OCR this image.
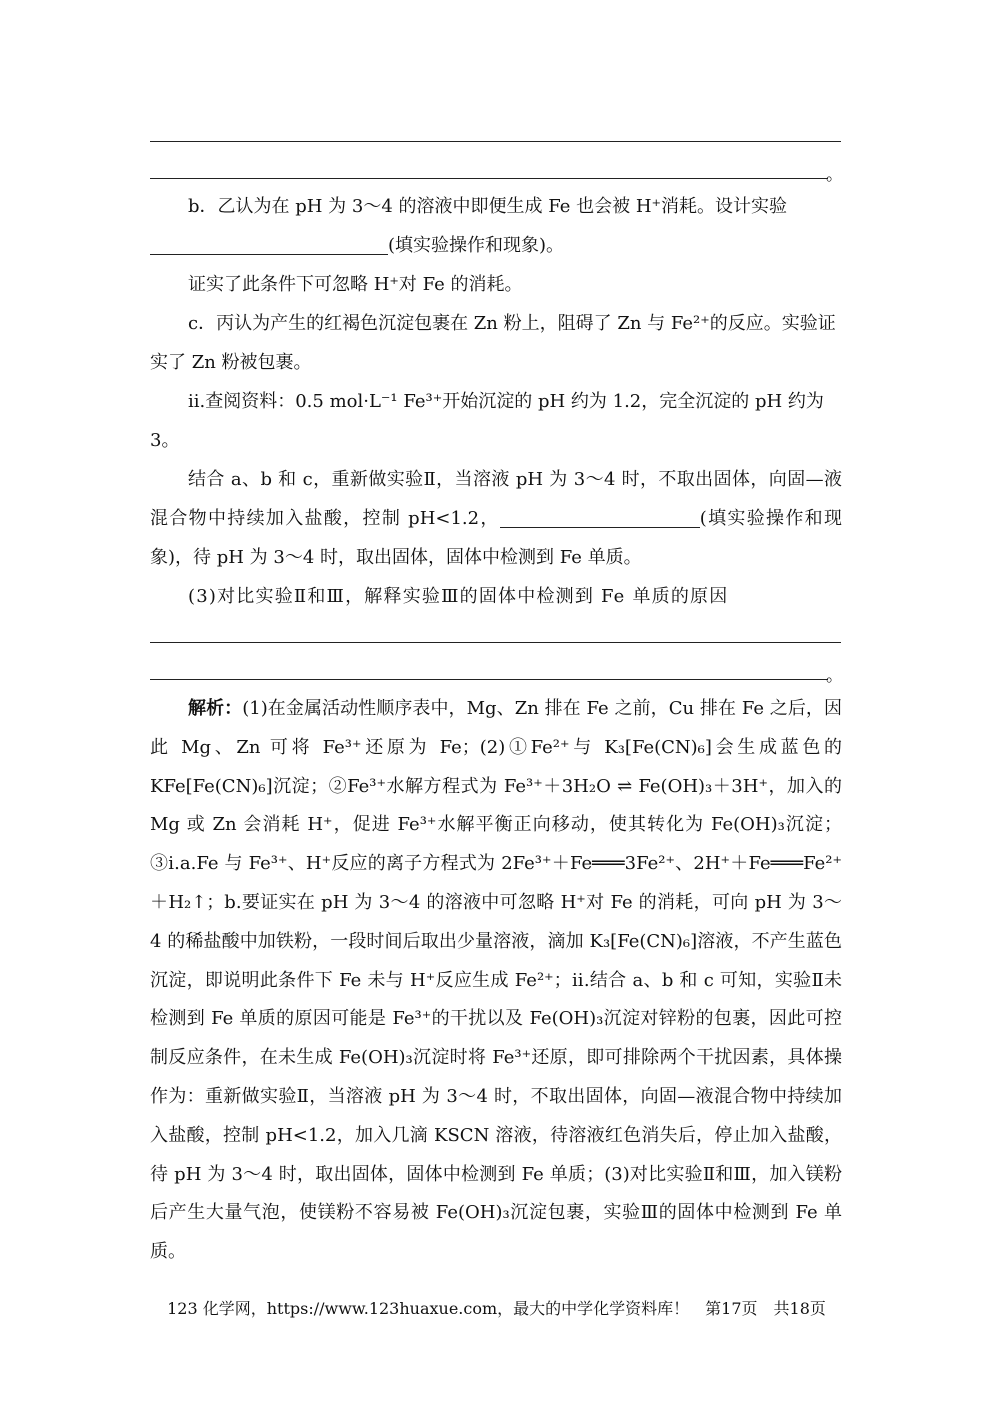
。
b．乙认为在 pH 为 3～4 的溶液中即便生成 Fe 也会被 H⁺消耗。设计实验
(填实验操作和现象)。
证实了此条件下可忽略 H⁺对 Fe 的消耗。
c．丙认为产生的红褐色沉淀包裹在 Zn 粉上，阻碍了 Zn 与 Fe²⁺的反应。实验证实了 Zn 粉被包裹。
ⅱ.查阅资料：0.5 mol·L⁻¹ Fe³⁺开始沉淀的 pH 约为 1.2，完全沉淀的 pH 约为 3。
结合 a、b 和 c，重新做实验Ⅱ，当溶液 pH 为 3～4 时，不取出固体，向固—液混合物中持续加入盐酸，控制 pH<1.2，	(填实验操作和现象)，待 pH 为 3～4 时，取出固体，固体中检测到 Fe 单质。
(3)对比实验Ⅱ和Ⅲ，解释实验Ⅲ的固体中检测到 Fe 单质的原因
。
解析：(1)在金属活动性顺序表中，Mg、Zn 排在 Fe 之前，Cu 排在 Fe 之后，因此 Mg、Zn 可将 Fe³⁺还原为 Fe；(2)①Fe²⁺与 K₃[Fe(CN)₆]会生成蓝色的 KFe[Fe(CN)₆]沉淀；②Fe³⁺水解方程式为 Fe³⁺＋3H₂O ⇌ Fe(OH)₃＋3H⁺，加入的 Mg 或 Zn 会消耗 H⁺，促进 Fe³⁺水解平衡正向移动，使其转化为 Fe(OH)₃沉淀；③ⅰ.a.Fe 与 Fe³⁺、H⁺反应的离子方程式为 2Fe³⁺＋Fe═══3Fe²⁺、2H⁺＋Fe═══Fe²⁺＋H₂↑；b.要证实在 pH 为 3～4 的溶液中可忽略 H⁺对 Fe 的消耗，可向 pH 为 3～4 的稀盐酸中加铁粉，一段时间后取出少量溶液，滴加 K₃[Fe(CN)₆]溶液，不产生蓝色沉淀，即说明此条件下 Fe 未与 H⁺反应生成 Fe²⁺；ⅱ.结合 a、b 和 c 可知，实验Ⅱ未检测到 Fe 单质的原因可能是 Fe³⁺的干扰以及 Fe(OH)₃沉淀对锌粉的包裹，因此可控制反应条件，在未生成 Fe(OH)₃沉淀时将 Fe³⁺还原，即可排除两个干扰因素，具体操作为：重新做实验Ⅱ，当溶液 pH 为 3～4 时，不取出固体，向固—液混合物中持续加入盐酸，控制 pH<1.2，加入几滴 KSCN 溶液，待溶液红色消失后，停止加入盐酸，待 pH 为 3～4 时，取出固体，固体中检测到 Fe 单质；(3)对比实验Ⅱ和Ⅲ，加入镁粉后产生大量气泡，使镁粉不容易被 Fe(OH)₃沉淀包裹，实验Ⅲ的固体中检测到 Fe 单质。
123 化学网，https://www.123huaxue.com，最大的中学化学资料库！　第17页　共18页
